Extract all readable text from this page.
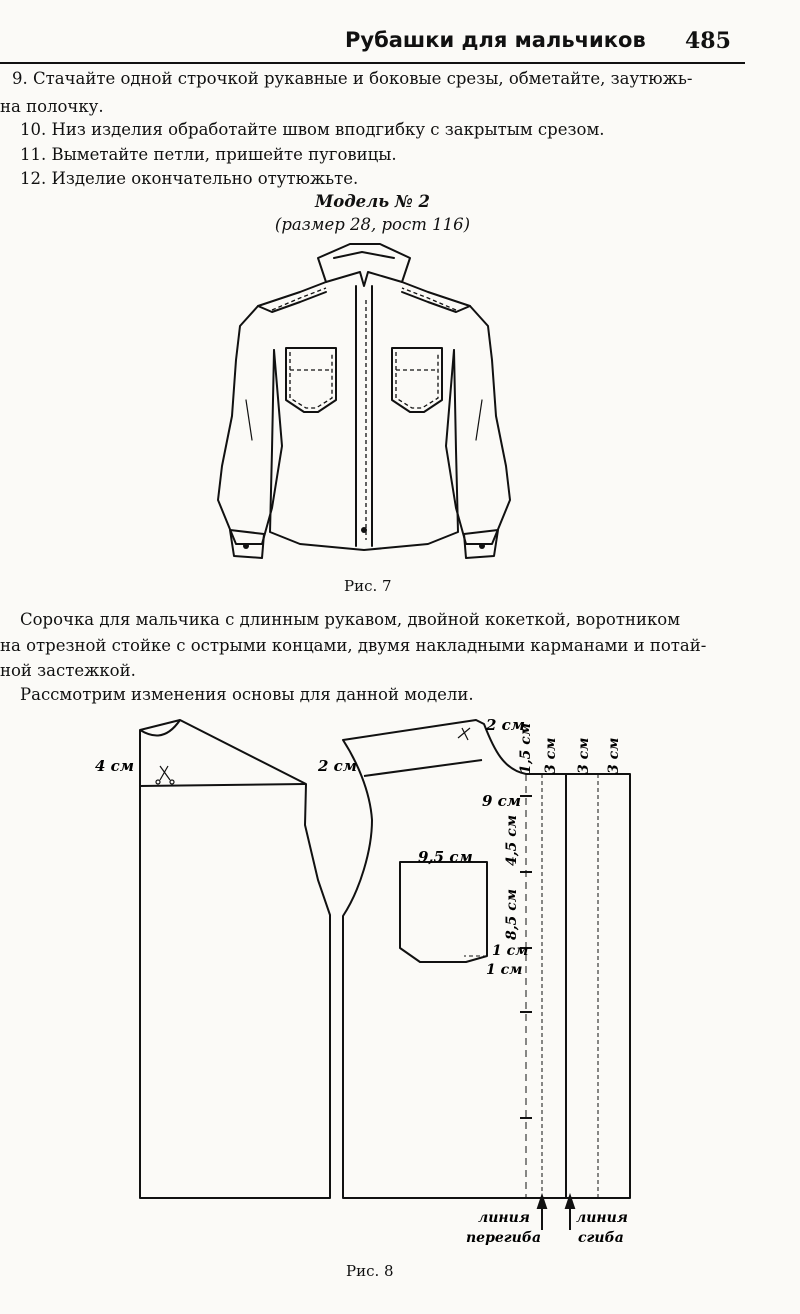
Рубашки для мальчиков 485
9. Стачайте одной строчкой рукавные и боковые срезы, обметайте, заутюжь-
на полочку.
10. Низ изделия обработайте швом вподгибку с закрытым срезом.
11. Выметайте петли, пришейте пуговицы.
12. Изделие окончательно отутюжьте.
Модель № 2
(размер 28, рост 116)
Рис. 7
Сорочка для мальчика с длинным рукавом, двойной кокеткой, воротником
на отрезной стойке с острыми концами, двумя накладными карманами и потай-
ной застежкой.
Рассмотрим изменения основы для данной модели.
4 см	2 см
2 см
1,5 см 3 см 3 см 3 см
9 см
9,5 см 4,5 см
8,5 см
1 см
1 см
линия
перегиба
линия
сгиба
Рис. 8
